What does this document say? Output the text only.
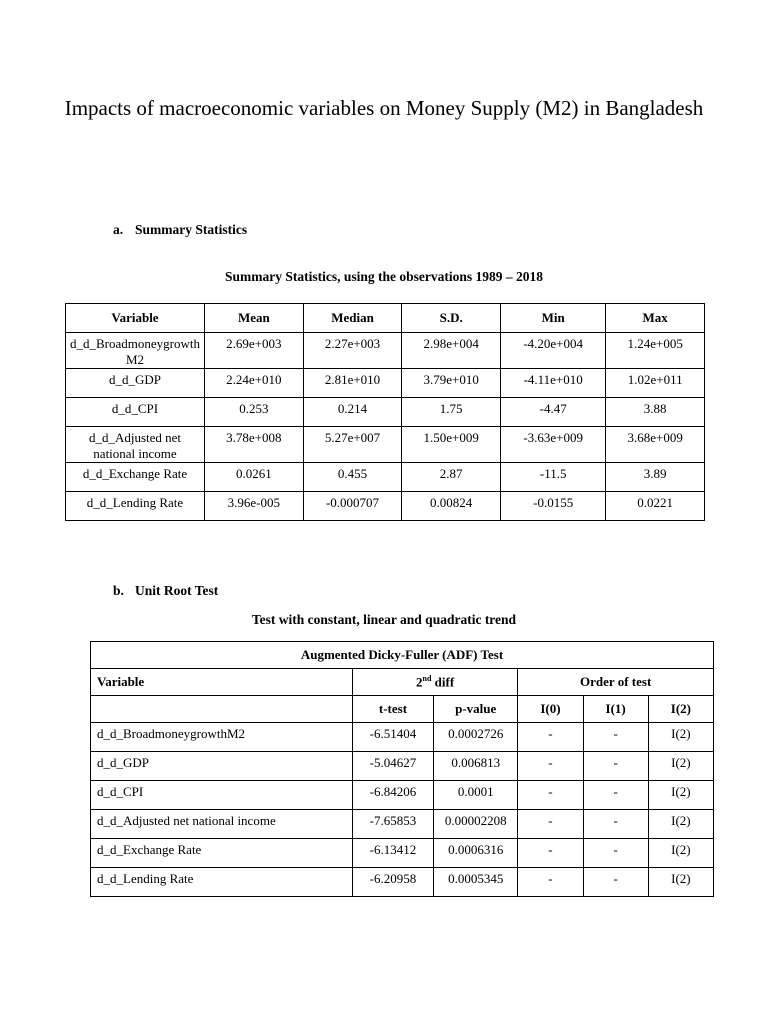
Impacts of macroeconomic variables on Money Supply (M2) in Bangladesh
a. Summary Statistics
Summary Statistics, using the observations 1989 – 2018
Variable	Mean	Median	S.D.	Min	Max
d_d_Broadmoneygrowth M2	2.69e+003	2.27e+003	2.98e+004	-4.20e+004	1.24e+005
d_d_GDP	2.24e+010	2.81e+010	3.79e+010	-4.11e+010	1.02e+011
d_d_CPI	0.253	0.214	1.75	-4.47	3.88
d_d_Adjusted net national income	3.78e+008	5.27e+007	1.50e+009	-3.63e+009	3.68e+009
d_d_Exchange Rate	0.0261	0.455	2.87	-11.5	3.89
d_d_Lending Rate	3.96e-005	-0.000707	0.00824	-0.0155	0.0221
b. Unit Root Test
Test with constant, linear and quadratic trend
Augmented Dicky-Fuller (ADF) Test					
Variable	2nd diff		Order of test		
	t-test	p-value	I(0)	I(1)	I(2)
d_d_BroadmoneygrowthM2	-6.51404	0.0002726	-	-	I(2)
d_d_GDP	-5.04627	0.006813	-	-	I(2)
d_d_CPI	-6.84206	0.0001	-	-	I(2)
d_d_Adjusted net national income	-7.65853	0.00002208	-	-	I(2)
d_d_Exchange Rate	-6.13412	0.0006316	-	-	I(2)
d_d_Lending Rate	-6.20958	0.0005345	-	-	I(2)
